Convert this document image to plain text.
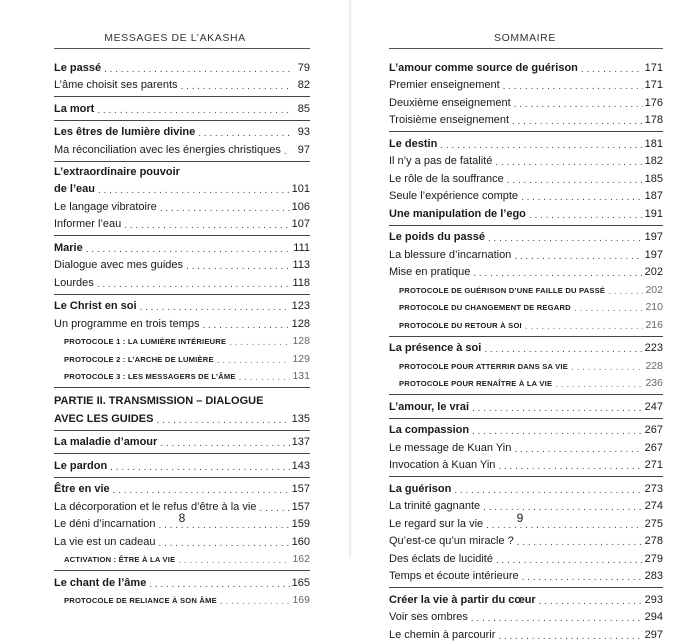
MESSAGES DE L’AKASHA
Le passé . . .	79
L’âme choisit ses parents . . .	82
La mort . . .	85
Les êtres de lumière divine . . .	93
Ma réconciliation avec les énergies christiques . . .	97
L’extraordinaire pouvoir
de l’eau . . .	101
Le langage vibratoire . . .	106
Informer l’eau . . .	107
Marie . . .	111
Dialogue avec mes guides . . .	113
Lourdes . . .	118
Le Christ en soi . . .	123
Un programme en trois temps . . .	128
PROTOCOLE 1 : LA LUMIÈRE INTÉRIEURE . . .	128
PROTOCOLE 2 : L’ARCHE DE LUMIÈRE . . .	129
PROTOCOLE 3 : LES MESSAGERS DE L’ÂME . . .	131
PARTIE II. TRANSMISSION – DIALOGUE
AVEC LES GUIDES . . .	135
La maladie d’amour . . .	137
Le pardon . . .	143
Être en vie . . .	157
La décorporation et le refus d’être à la vie . . .	157
Le déni d’incarnation . . .	159
La vie est un cadeau . . .	160
ACTIVATION : ÊTRE À LA VIE . . .	162
Le chant de l’âme . . .	165
PROTOCOLE DE RELIANCE À SON ÂME . . .	169
8
SOMMAIRE
L’amour comme source de guérison . . .	171
Premier enseignement . . .	171
Deuxième enseignement . . .	176
Troisième enseignement . . .	178
Le destin . . .	181
Il n’y a pas de fatalité . . .	182
Le rôle de la souffrance . . .	185
Seule l’expérience compte . . .	187
Une manipulation de l’ego . . .	191
Le poids du passé . . .	197
La blessure d’incarnation . . .	197
Mise en pratique . . .	202
PROTOCOLE DE GUÉRISON D’UNE FAILLE DU PASSÉ . . .	202
PROTOCOLE DU CHANGEMENT DE REGARD . . .	210
PROTOCOLE DU RETOUR À SOI . . .	216
La présence à soi . . .	223
PROTOCOLE POUR ATTERRIR DANS SA VIE . . .	228
PROTOCOLE POUR RENAÎTRE À LA VIE . . .	236
L’amour, le vrai . . .	247
La compassion . . .	267
Le message de Kuan Yin . . .	267
Invocation à Kuan Yin . . .	271
La guérison . . .	273
La trinité gagnante . . .	274
Le regard sur la vie . . .	275
Qu’est-ce qu’un miracle ? . . .	278
Des éclats de lucidité . . .	279
Temps et écoute intérieure . . .	283
Créer la vie à partir du cœur . . .	293
Voir ses ombres . . .	294
Le chemin à parcourir . . .	297
9
